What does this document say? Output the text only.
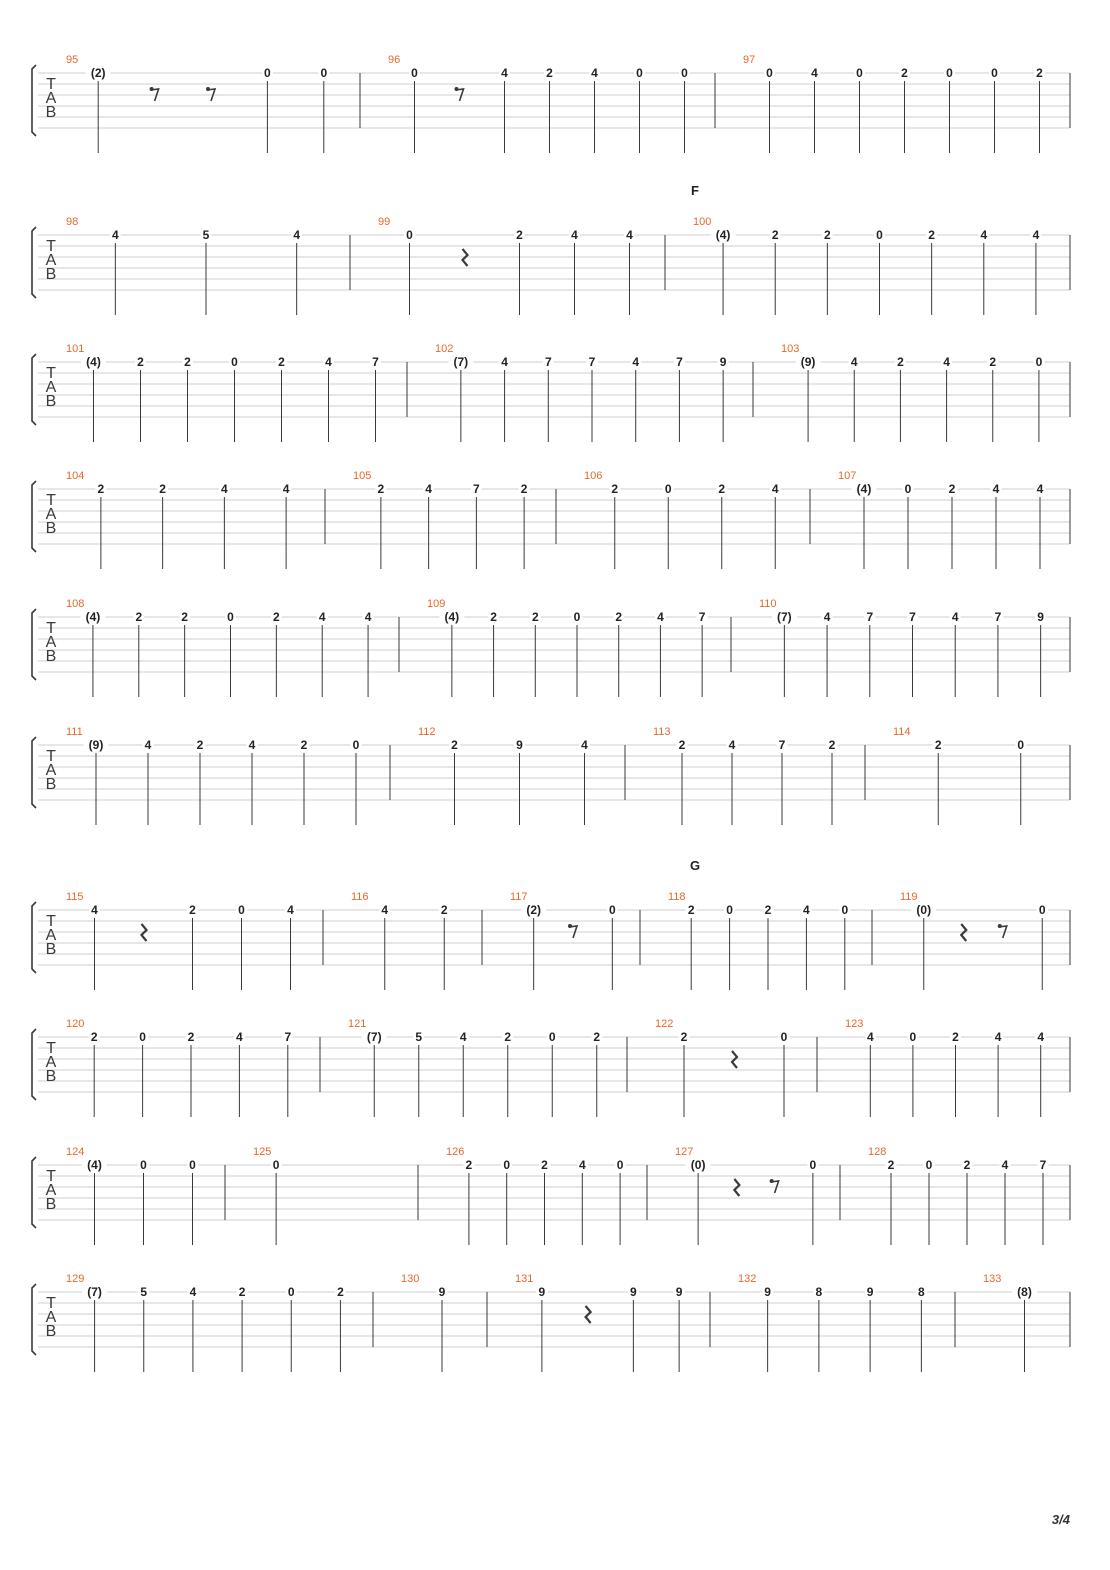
T
A
B
95
(2)	0	0
96
0	4	2	4	0	0
97
0	4	0	2	0	0	2
T
A
B
F
98
4	5	4
99
0	2	4	4
100
(4)	2	2	0	2	4	4
T
A
B
101
(4)	2	2	0	2	4	7
102
(7)	4	7	7	4	7	9
103
(9)	4	2	4	2	0
T
A
B
104
2	2	4	4
105
2	4	7	2
106
2	0	2	4
107
(4)	0	2	4	4
T
A
B
108
(4)	2	2	0	2	4	4
109
(4)	2	2	0	2	4	7
110
(7)	4	7	7	4	7	9
T
A
B
111
(9)	4	2	4	2	0
112
2	9	4
113
2	4	7	2
114
2	0
T
A
B
G
115
4	2	0	4
116
4	2
117
(2)	0
118
2	0	2	4	0
119
(0)	0
T
A
B
120
2	0	2	4	7
121
(7)	5	4	2	0	2
122
2	0
123
4	0	2	4	4
T
A
B
124
(4)	0	0
125
0
126
2	0	2	4	0
127
(0)	0
128
2	0	2	4	7
T
A
B
129
(7)	5	4	2	0	2
130
9
131
9	9	9
132
9	8	9	8
133
(8)
3/4
